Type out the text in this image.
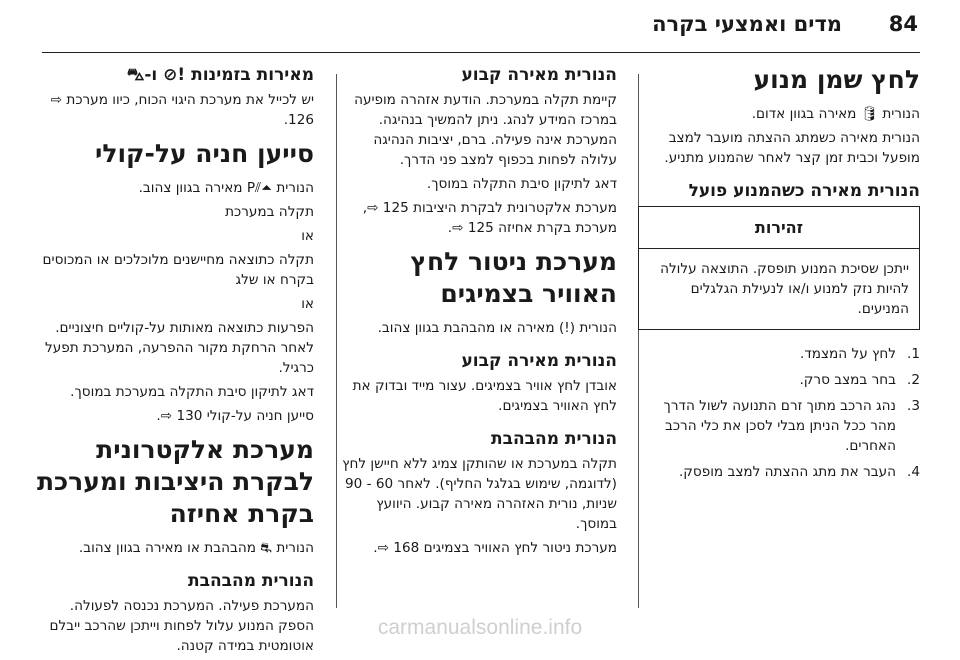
מדים ואמצעי בקרה 84
מאירות בזמינות ‎⊘!‎ ו-‎⛍‎

יש לכייל את מערכת היגוי הכוח, כיוו מערכת ‎⇨‎ 126.

סייען חניה על-קולי

הנורית ‎P⫽⏶‎ מאירה בגוון צהוב.

תקלה במערכת

או

תקלה כתוצאה מחיישנים מלוכלכים או המכוסים בקרח או שלג

או

הפרעות כתוצאה מאותות על-קוליים חיצוניים. לאחר הרחקת מקור ההפרעה, המערכת תפעל כרגיל.

דאג לתיקון סיבת התקלה במערכת במוסך.

סייען חניה על-קולי ‎⇨‎ 130.

מערכת אלקטרונית לבקרת היציבות ומערכת בקרת אחיזה

הנורית ‎⛐‎ מהבהבת או מאירה בגוון צהוב.

הנורית מהבהבת

המערכת פעילה. המערכת נכנסה לפעולה. הספק המנוע עלול לפחות וייתכן שהרכב ייבלם אוטומטית במידה קטנה.

הנורית מאירה קבוע

קיימת תקלה במערכת. הודעת אזהרה מופיעה במרכז המידע לנהג. ניתן להמשיך בנהיגה. המערכת אינה פעילה. ברם, יציבות הנהיגה עלולה לפחות בכפוף למצב פני הדרך.

דאג לתיקון סיבת התקלה במוסך.

מערכת אלקטרונית לבקרת היציבות ‎⇨‎ 125, מערכת בקרת אחיזה ‎⇨‎ 125.

מערכת ניטור לחץ האוויר בצמיגים

הנורית ‎(!)‎ מאירה או מהבהבת בגוון צהוב.

הנורית מאירה קבוע

אובדן לחץ אוויר בצמיגים. עצור מייד ובדוק את לחץ האוויר בצמיגים.

הנורית מהבהבת

תקלה במערכת או שהותקן צמיג ללא חיישן לחץ (לדוגמה, שימוש בגלגל החליף). לאחר 60 - 90 שניות, נורית האזהרה מאירה קבוע. היוועץ במוסך.

מערכת ניטור לחץ האוויר בצמיגים ‎⇨‎ 168.

לחץ שמן מנוע

הנורית ‎🛢‎ מאירה בגוון אדום.

הנורית מאירה כשמתג ההצתה מועבר למצב מופעל וכבית זמן קצר לאחר שהמנוע מתניע.

הנורית מאירה כשהמנוע פועל
זהירות
ייתכן שסיכת המנוע תופסק. התוצאה עלולה להיות נזק למנוע ו/או לנעילת הגלגלים המניעים.
1.
לחץ על המצמד.
2.
בחר במצב סרק.
3.
נהג הרכב מתוך זרם התנועה לשול הדרך מהר ככל הניתן מבלי לסכן את כלי הרכב האחרים.
4.
העבר את מתג ההצתה למצב מופסק.
carmanualsonline.info
